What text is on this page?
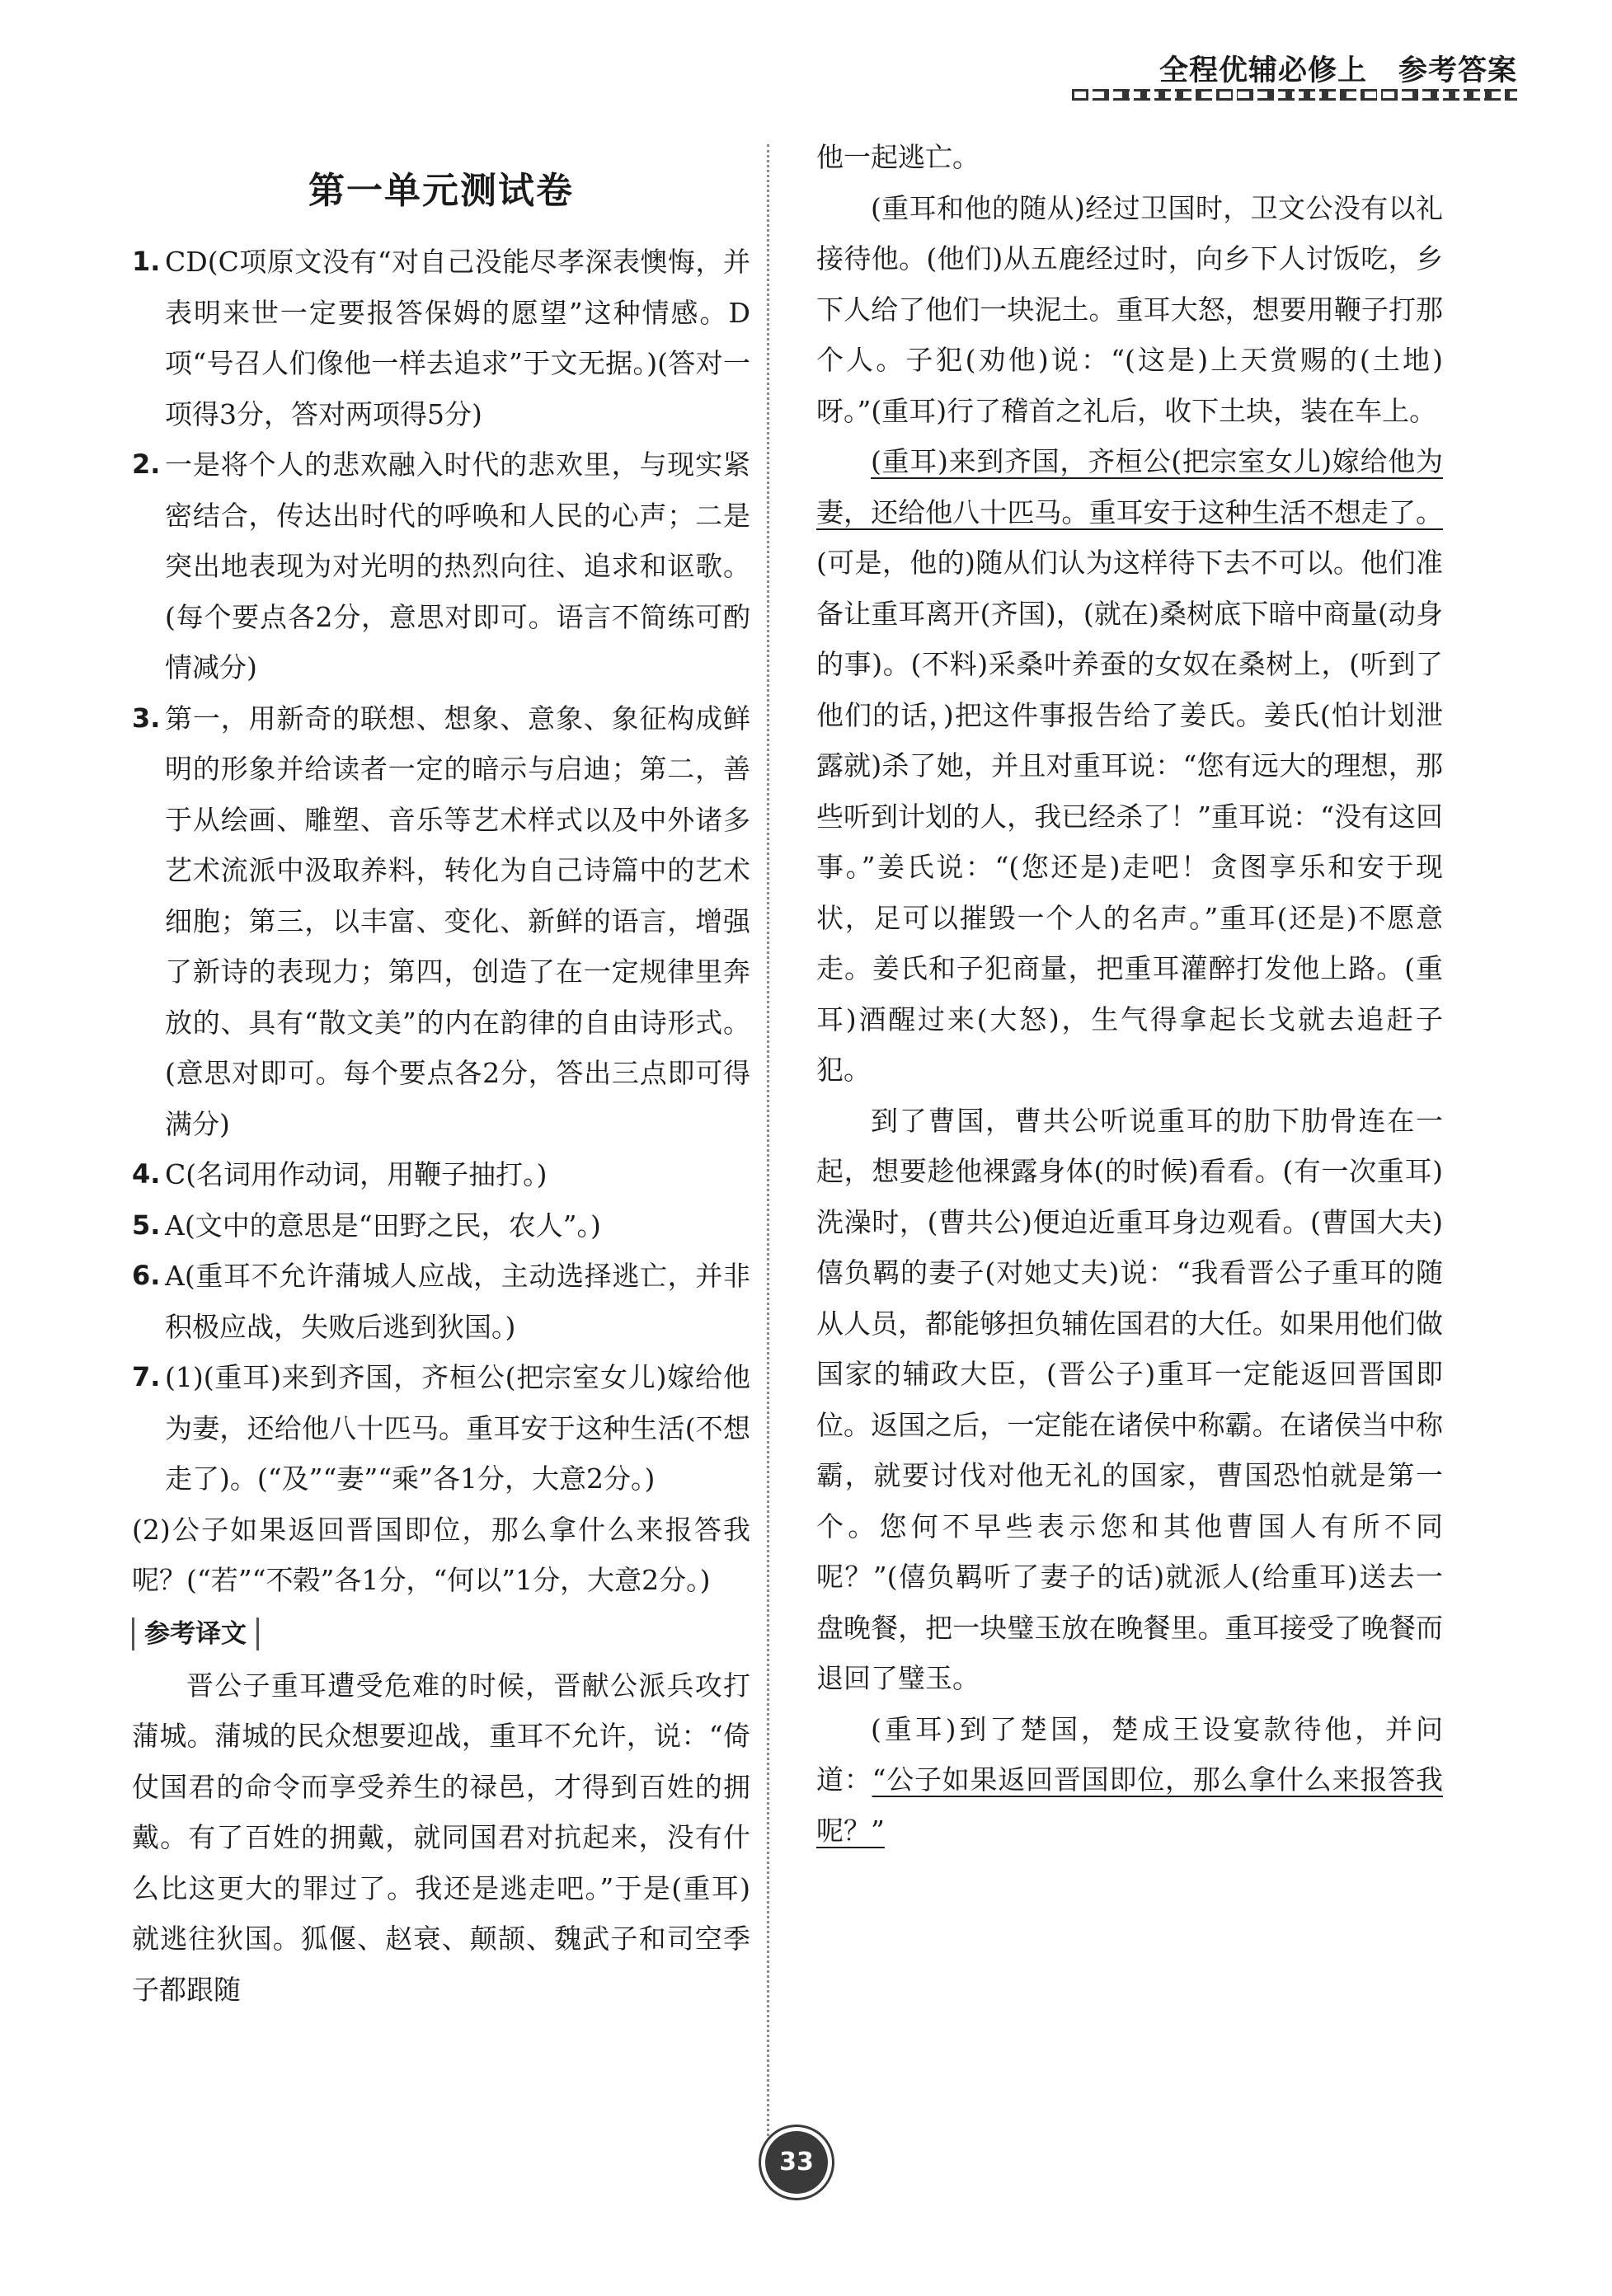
全程优辅必修上 参考答案
第一单元测试卷
1. CD(C项原文没有“对自己没能尽孝深表懊悔，并表明来世一定要报答保姆的愿望”这种情感。D项“号召人们像他一样去追求”于文无据。)(答对一项得3分，答对两项得5分)
2. 一是将个人的悲欢融入时代的悲欢里，与现实紧密结合，传达出时代的呼唤和人民的心声；二是突出地表现为对光明的热烈向往、追求和讴歌。(每个要点各2分，意思对即可。语言不简练可酌情减分)
3. 第一，用新奇的联想、想象、意象、象征构成鲜明的形象并给读者一定的暗示与启迪；第二，善于从绘画、雕塑、音乐等艺术样式以及中外诸多艺术流派中汲取养料，转化为自己诗篇中的艺术细胞；第三，以丰富、变化、新鲜的语言，增强了新诗的表现力；第四，创造了在一定规律里奔放的、具有“散文美”的内在韵律的自由诗形式。(意思对即可。每个要点各2分，答出三点即可得满分)
4. C(名词用作动词，用鞭子抽打。)
5. A(文中的意思是“田野之民，农人”。)
6. A(重耳不允许蒲城人应战，主动选择逃亡，并非积极应战，失败后逃到狄国。)
7. (1)(重耳)来到齐国，齐桓公(把宗室女儿)嫁给他为妻，还给他八十匹马。重耳安于这种生活(不想走了)。(“及”“妻”“乘”各1分，大意2分。)
(2)公子如果返回晋国即位，那么拿什么来报答我呢？(“若”“不榖”各1分，“何以”1分，大意2分。)
参考译文

晋公子重耳遭受危难的时候，晋献公派兵攻打蒲城。蒲城的民众想要迎战，重耳不允许，说：“倚仗国君的命令而享受养生的禄邑，才得到百姓的拥戴。有了百姓的拥戴，就同国君对抗起来，没有什么比这更大的罪过了。我还是逃走吧。”于是(重耳)就逃往狄国。狐偃、赵衰、颠颉、魏武子和司空季子都跟随

他一起逃亡。

(重耳和他的随从)经过卫国时，卫文公没有以礼接待他。(他们)从五鹿经过时，向乡下人讨饭吃，乡下人给了他们一块泥土。重耳大怒，想要用鞭子打那个人。子犯(劝他)说：“(这是)上天赏赐的(土地)呀。”(重耳)行了稽首之礼后，收下土块，装在车上。

(重耳)来到齐国，齐桓公(把宗室女儿)嫁给他为妻，还给他八十匹马。重耳安于这种生活不想走了。(可是，他的)随从们认为这样待下去不可以。他们准备让重耳离开(齐国)，(就在)桑树底下暗中商量(动身的事)。(不料)采桑叶养蚕的女奴在桑树上，(听到了他们的话，)把这件事报告给了姜氏。姜氏(怕计划泄露就)杀了她，并且对重耳说：“您有远大的理想，那些听到计划的人，我已经杀了！”重耳说：“没有这回事。”姜氏说：“(您还是)走吧！贪图享乐和安于现状，足可以摧毁一个人的名声。”重耳(还是)不愿意走。姜氏和子犯商量，把重耳灌醉打发他上路。(重耳)酒醒过来(大怒)，生气得拿起长戈就去追赶子犯。

到了曹国，曹共公听说重耳的肋下肋骨连在一起，想要趁他裸露身体(的时候)看看。(有一次重耳)洗澡时，(曹共公)便迫近重耳身边观看。(曹国大夫)僖负羁的妻子(对她丈夫)说：“我看晋公子重耳的随从人员，都能够担负辅佐国君的大任。如果用他们做国家的辅政大臣，(晋公子)重耳一定能返回晋国即位。返国之后，一定能在诸侯中称霸。在诸侯当中称霸，就要讨伐对他无礼的国家，曹国恐怕就是第一个。您何不早些表示您和其他曹国人有所不同呢？”(僖负羁听了妻子的话)就派人(给重耳)送去一盘晚餐，把一块璧玉放在晚餐里。重耳接受了晚餐而退回了璧玉。

(重耳)到了楚国，楚成王设宴款待他，并问道：“公子如果返回晋国即位，那么拿什么来报答我呢？”

33
